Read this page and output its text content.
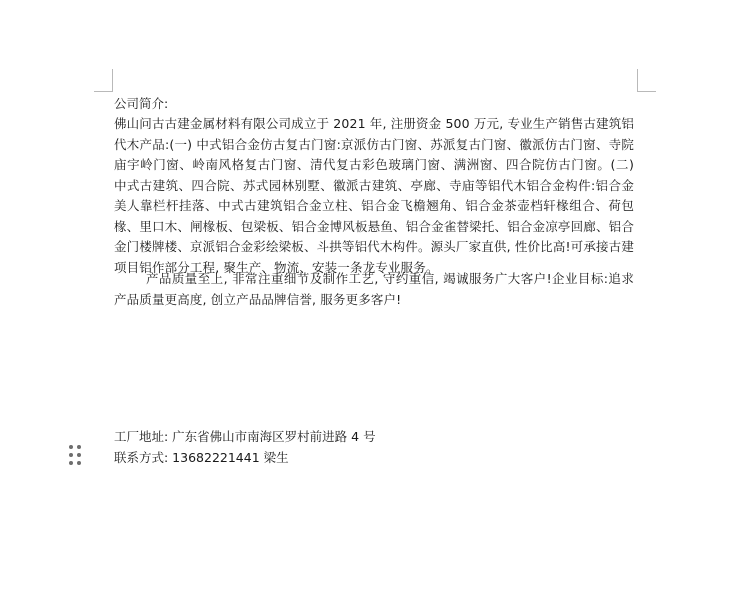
公司简介:

佛山问古古建金属材料有限公司成立于 2021 年, 注册资金 500 万元, 专业生产销售古建筑铝代木产品:(一) 中式铝合金仿古复古门窗:京派仿古门窗、苏派复古门窗、徽派仿古门窗、寺院庙宇岭门窗、岭南风格复古门窗、清代复古彩色玻璃门窗、满洲窗、四合院仿古门窗。(二) 中式古建筑、四合院、苏式园林别墅、徽派古建筑、亭廊、寺庙等铝代木铝合金构件:铝合金美人靠栏杆挂落、中式古建筑铝合金立柱、铝合金飞檐翘角、铝合金茶壶档轩椽组合、荷包椽、里口木、闸椽板、包梁板、铝合金博风板悬鱼、铝合金雀替梁托、铝合金凉亭回廊、铝合金门楼牌楼、京派铝合金彩绘梁板、斗拱等铝代木构件。源头厂家直供, 性价比高!可承接古建项目铝作部分工程, 聚生产、物流、安装一条龙专业服务。

产品质量至上, 非常注重细节及制作工艺, 守约重信, 竭诚服务广大客户!企业目标:追求产品质量更高度, 创立产品品牌信誉, 服务更多客户!

工厂地址: 广东省佛山市南海区罗村前进路 4 号
联系方式: 13682221441 梁生
